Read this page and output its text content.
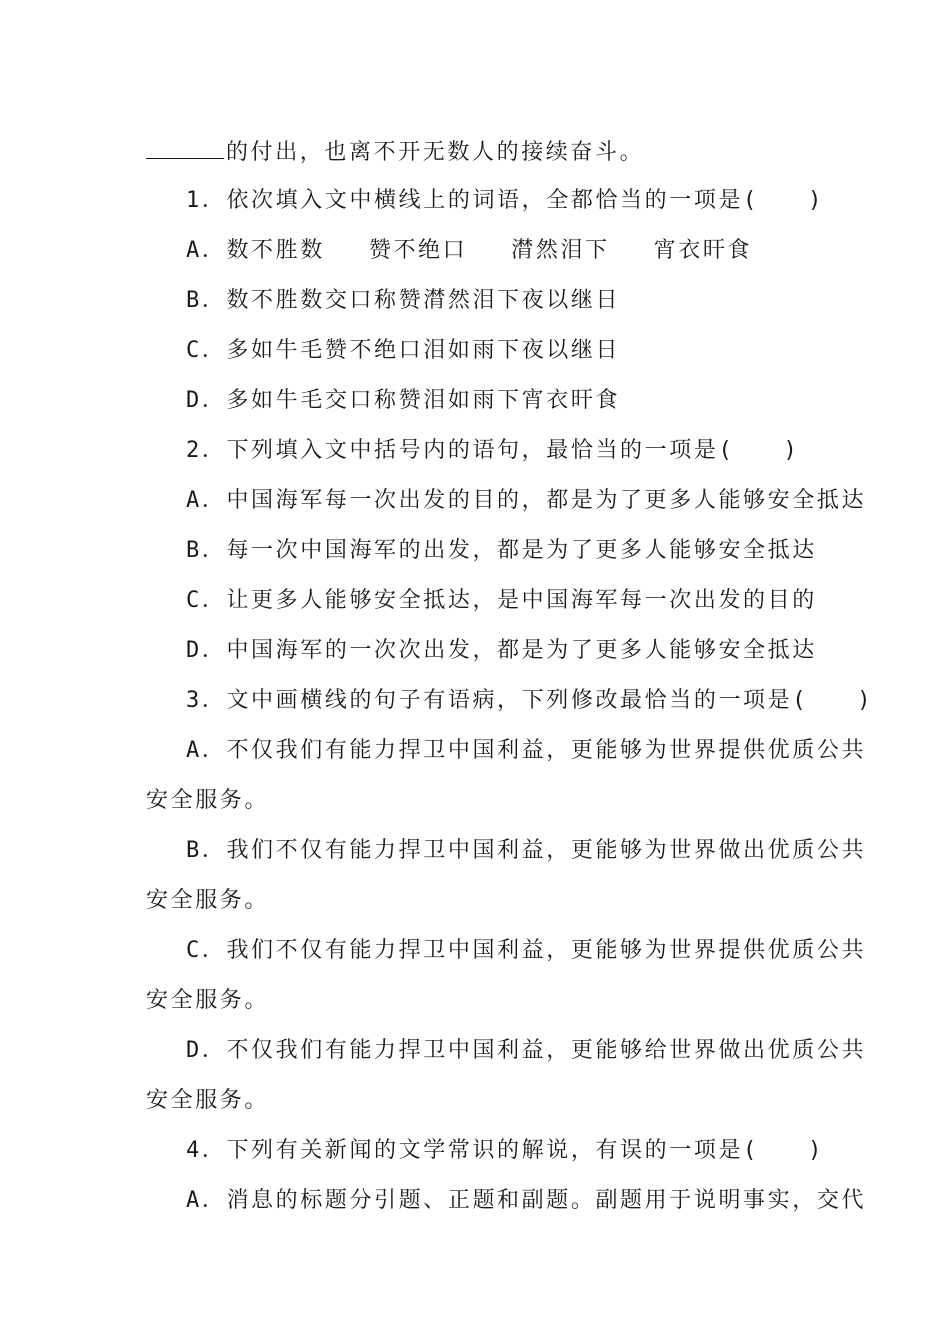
的付出，也离不开无数人的接续奋斗。
1．依次填入文中横线上的词语，全都恰当的一项是(　　)
A．数不胜数 赞不绝口 潸然泪下 宵衣旰食
B．数不胜数交口称赞潸然泪下夜以继日
C．多如牛毛赞不绝口泪如雨下夜以继日
D．多如牛毛交口称赞泪如雨下宵衣旰食
2．下列填入文中括号内的语句，最恰当的一项是(　　)
A．中国海军每一次出发的目的，都是为了更多人能够安全抵达
B．每一次中国海军的出发，都是为了更多人能够安全抵达
C．让更多人能够安全抵达，是中国海军每一次出发的目的
D．中国海军的一次次出发，都是为了更多人能够安全抵达
3．文中画横线的句子有语病，下列修改最恰当的一项是(　　)
A．不仅我们有能力捍卫中国利益，更能够为世界提供优质公共
安全服务。
B．我们不仅有能力捍卫中国利益，更能够为世界做出优质公共
安全服务。
C．我们不仅有能力捍卫中国利益，更能够为世界提供优质公共
安全服务。
D．不仅我们有能力捍卫中国利益，更能够给世界做出优质公共
安全服务。
4．下列有关新闻的文学常识的解说，有误的一项是(　　)
A．消息的标题分引题、正题和副题。副题用于说明事实，交代
